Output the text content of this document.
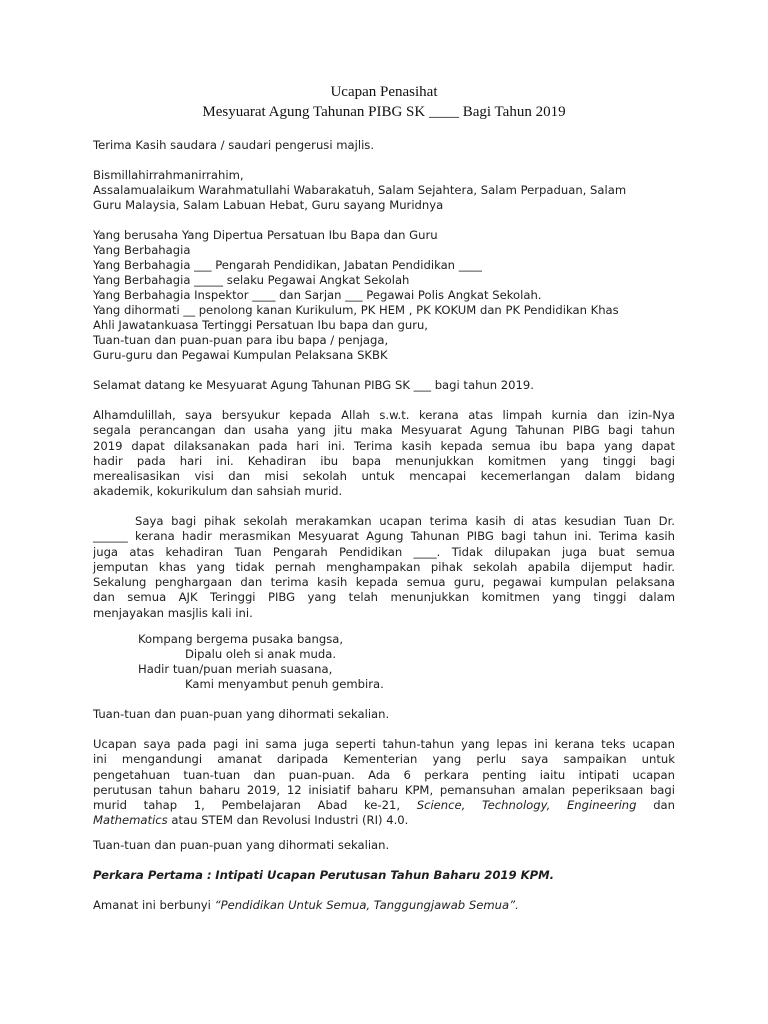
Ucapan Penasihat
Mesyuarat Agung Tahunan PIBG SK ____ Bagi Tahun 2019
Terima Kasih saudara / saudari pengerusi majlis.
Bismillahirrahmanirrahim,
Assalamualaikum Warahmatullahi Wabarakatuh, Salam Sejahtera, Salam Perpaduan, Salam
Guru Malaysia, Salam Labuan Hebat, Guru sayang Muridnya
Yang berusaha Yang Dipertua Persatuan Ibu Bapa dan Guru
Yang Berbahagia
Yang Berbahagia ___ Pengarah Pendidikan, Jabatan Pendidikan ____
Yang Berbahagia _____ selaku Pegawai Angkat Sekolah
Yang Berbahagia Inspektor ____ dan Sarjan ___ Pegawai Polis Angkat Sekolah.
Yang dihormati __ penolong kanan Kurikulum, PK HEM , PK KOKUM dan PK Pendidikan Khas
Ahli Jawatankuasa Tertinggi Persatuan Ibu bapa dan guru,
Tuan-tuan dan puan-puan para ibu bapa / penjaga,
Guru-guru dan Pegawai Kumpulan Pelaksana SKBK
Selamat datang ke Mesyuarat Agung Tahunan PIBG SK ___ bagi tahun 2019.
Alhamdulillah, saya bersyukur kepada Allah s.w.t. kerana atas limpah kurnia dan izin-Nya
segala perancangan dan usaha yang jitu maka Mesyuarat Agung Tahunan PIBG bagi tahun
2019 dapat dilaksanakan pada hari ini. Terima kasih kepada semua ibu bapa yang dapat
hadir pada hari ini. Kehadiran ibu bapa menunjukkan komitmen yang tinggi bagi
merealisasikan visi dan misi sekolah untuk mencapai kecemerlangan dalam bidang
akademik, kokurikulum dan sahsiah murid.
Saya bagi pihak sekolah merakamkan ucapan terima kasih di atas kesudian Tuan Dr.
______ kerana hadir merasmikan Mesyuarat Agung Tahunan PIBG bagi tahun ini. Terima kasih
juga atas kehadiran Tuan Pengarah Pendidikan ____. Tidak dilupakan juga buat semua
jemputan khas yang tidak pernah menghampakan pihak sekolah apabila dijemput hadir.
Sekalung penghargaan dan terima kasih kepada semua guru, pegawai kumpulan pelaksana
dan semua AJK Teringgi PIBG yang telah menunjukkan komitmen yang tinggi dalam
menjayakan masjlis kali ini.
Kompang bergema pusaka bangsa,
Dipalu oleh si anak muda.
Hadir tuan/puan meriah suasana,
Kami menyambut penuh gembira.
Tuan-tuan dan puan-puan yang dihormati sekalian.
Ucapan saya pada pagi ini sama juga seperti tahun-tahun yang lepas ini kerana teks ucapan
ini mengandungi amanat daripada Kementerian yang perlu saya sampaikan untuk
pengetahuan tuan-tuan dan puan-puan. Ada 6 perkara penting iaitu intipati ucapan
perutusan tahun baharu 2019, 12 inisiatif baharu KPM, pemansuhan amalan peperiksaan bagi
murid tahap 1, Pembelajaran Abad ke-21, Science, Technology, Engineering dan
Mathematics atau STEM dan Revolusi Industri (RI) 4.0.
Tuan-tuan dan puan-puan yang dihormati sekalian.
Perkara Pertama : Intipati Ucapan Perutusan Tahun Baharu 2019 KPM.
Amanat ini berbunyi “Pendidikan Untuk Semua, Tanggungjawab Semua”.
